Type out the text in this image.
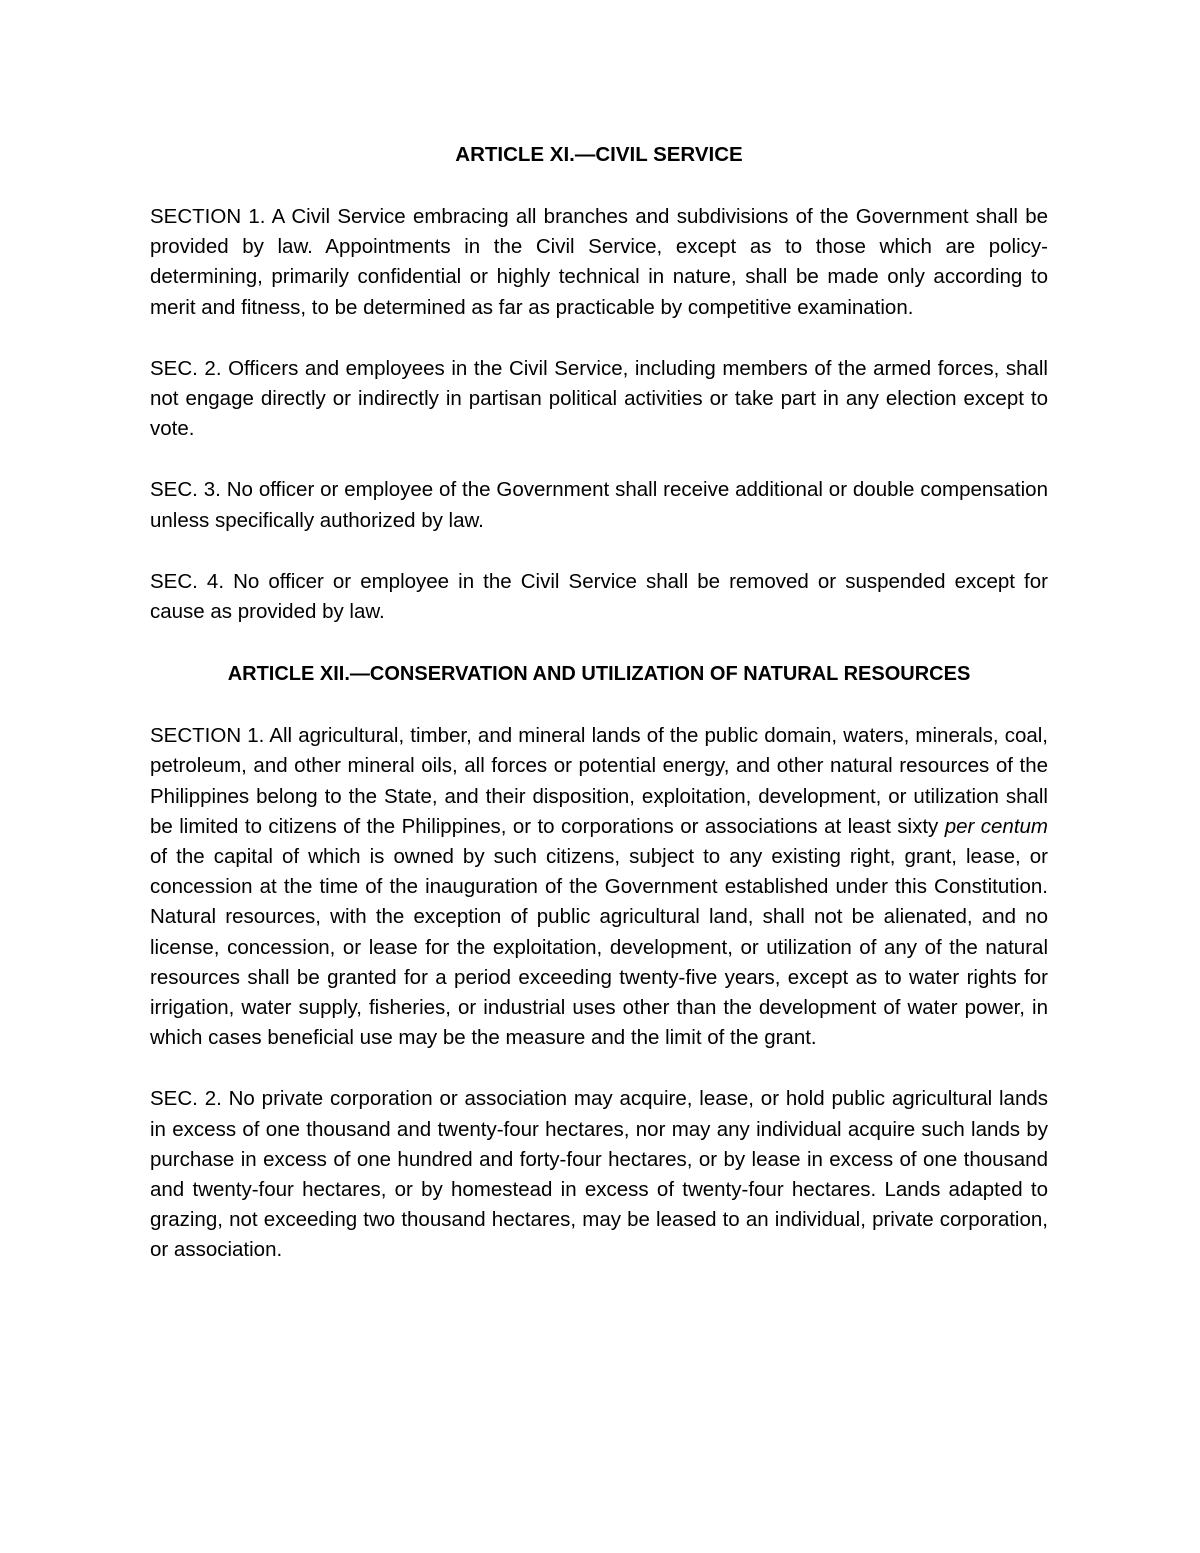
ARTICLE XI.—CIVIL SERVICE

SECTION 1. A Civil Service embracing all branches and subdivisions of the Government shall be provided by law. Appointments in the Civil Service, except as to those which are policy-determining, primarily confidential or highly technical in nature, shall be made only according to merit and fitness, to be determined as far as practicable by competitive examination.

SEC. 2. Officers and employees in the Civil Service, including members of the armed forces, shall not engage directly or indirectly in partisan political activities or take part in any election except to vote.

SEC. 3. No officer or employee of the Government shall receive additional or double compensation unless specifically authorized by law.

SEC. 4. No officer or employee in the Civil Service shall be removed or suspended except for cause as provided by law.

ARTICLE XII.—CONSERVATION AND UTILIZATION OF NATURAL RESOURCES

SECTION 1. All agricultural, timber, and mineral lands of the public domain, waters, minerals, coal, petroleum, and other mineral oils, all forces or potential energy, and other natural resources of the Philippines belong to the State, and their disposition, exploitation, development, or utilization shall be limited to citizens of the Philippines, or to corporations or associations at least sixty per centum of the capital of which is owned by such citizens, subject to any existing right, grant, lease, or concession at the time of the inauguration of the Government established under this Constitution. Natural resources, with the exception of public agricultural land, shall not be alienated, and no license, concession, or lease for the exploitation, development, or utilization of any of the natural resources shall be granted for a period exceeding twenty-five years, except as to water rights for irrigation, water supply, fisheries, or industrial uses other than the development of water power, in which cases beneficial use may be the measure and the limit of the grant.

SEC. 2. No private corporation or association may acquire, lease, or hold public agricultural lands in excess of one thousand and twenty-four hectares, nor may any individual acquire such lands by purchase in excess of one hundred and forty-four hectares, or by lease in excess of one thousand and twenty-four hectares, or by homestead in excess of twenty-four hectares. Lands adapted to grazing, not exceeding two thousand hectares, may be leased to an individual, private corporation, or association.
